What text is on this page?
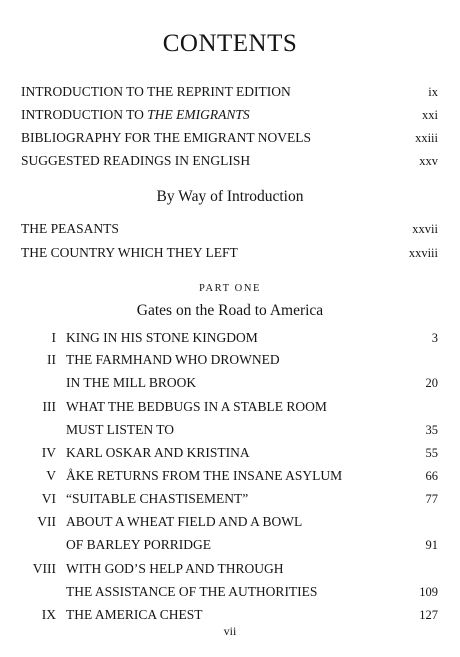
CONTENTS
INTRODUCTION TO THE REPRINT EDITION	ix
INTRODUCTION TO THE EMIGRANTS	xxi
BIBLIOGRAPHY FOR THE EMIGRANT NOVELS	xxiii
SUGGESTED READINGS IN ENGLISH	xxv
By Way of Introduction
THE PEASANTS	xxvii
THE COUNTRY WHICH THEY LEFT	xxviii
PART ONE
Gates on the Road to America
I KING IN HIS STONE KINGDOM	3
II THE FARMHAND WHO DROWNED
IN THE MILL BROOK	20
III WHAT THE BEDBUGS IN A STABLE ROOM
MUST LISTEN TO	35
IV KARL OSKAR AND KRISTINA	55
V ÅKE RETURNS FROM THE INSANE ASYLUM	66
VI “SUITABLE CHASTISEMENT”	77
VII ABOUT A WHEAT FIELD AND A BOWL
OF BARLEY PORRIDGE	91
VIII WITH GOD’S HELP AND THROUGH
THE ASSISTANCE OF THE AUTHORITIES	109
IX THE AMERICA CHEST	127
vii
